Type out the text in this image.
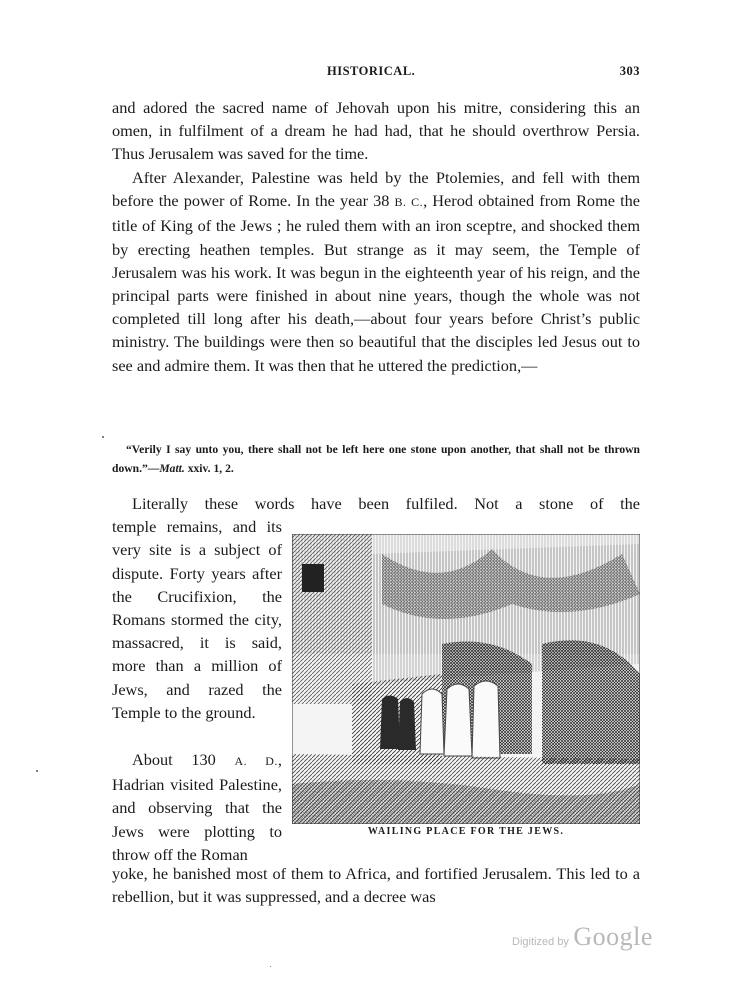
HISTORICAL.	303

and adored the sacred name of Jehovah upon his mitre, considering this an omen, in fulfilment of a dream he had had, that he should overthrow Persia. Thus Jerusalem was saved for the time.

After Alexander, Palestine was held by the Ptolemies, and fell with them before the power of Rome. In the year 38 B. C., Herod obtained from Rome the title of King of the Jews ; he ruled them with an iron sceptre, and shocked them by erecting heathen temples. But strange as it may seem, the Temple of Jerusalem was his work. It was begun in the eighteenth year of his reign, and the principal parts were finished in about nine years, though the whole was not completed till long after his death,—about four years before Christ’s public ministry. The buildings were then so beautiful that the disciples led Jesus out to see and admire them. It was then that he uttered the prediction,—

“Verily I say unto you, there shall not be left here one stone upon another, that shall not be thrown down.”—Matt. xxiv. 1, 2.

Literally these words have been fulfiled. Not a stone of the

temple remains, and its very site is a subject of dispute. Forty years after the Crucifixion, the Romans stormed the city, massacred, it is said, more than a million of Jews, and razed the Temple to the ground.

About 130 A. D., Hadrian visited Palestine, and observing that the Jews were plotting to throw off the Roman

WAILING PLACE FOR THE JEWS.

yoke, he banished most of them to Africa, and fortified Jerusalem. This led to a rebellion, but it was suppressed, and a decree was

Digitized by Google
